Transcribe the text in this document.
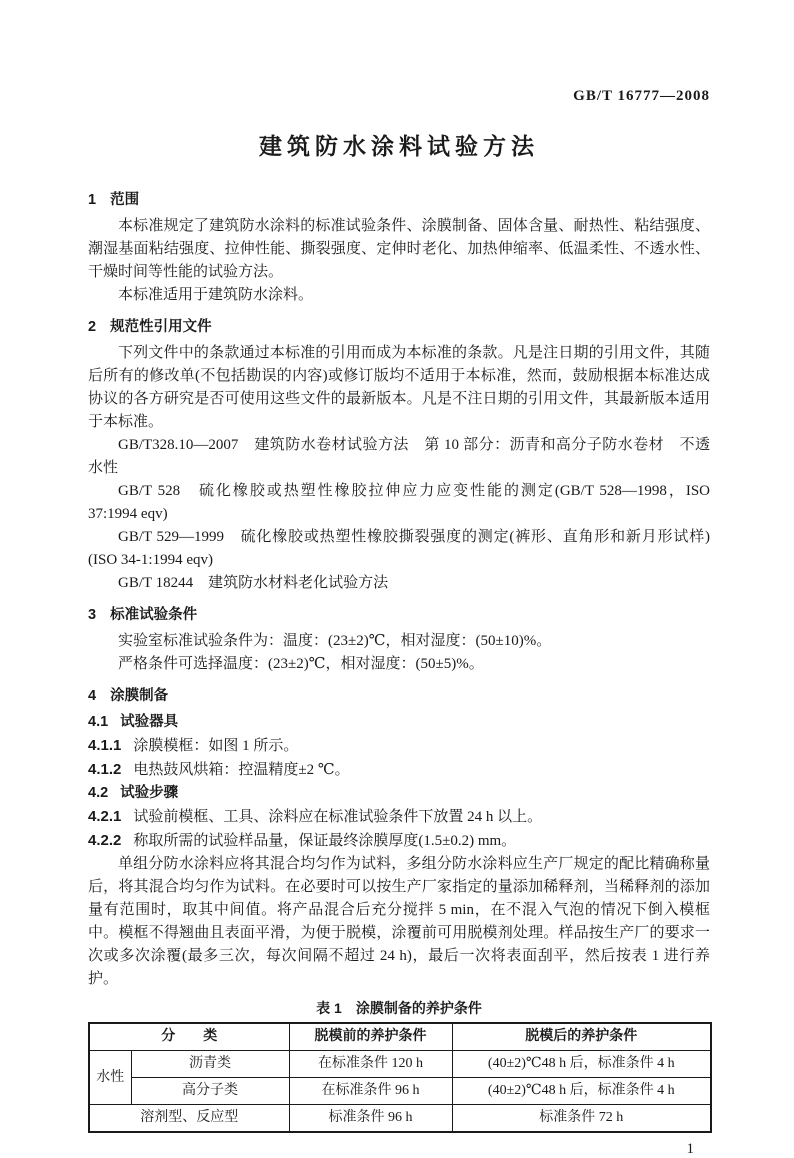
GB/T 16777—2008
建筑防水涂料试验方法
1 范围

本标准规定了建筑防水涂料的标准试验条件、涂膜制备、固体含量、耐热性、粘结强度、潮湿基面粘结强度、拉伸性能、撕裂强度、定伸时老化、加热伸缩率、低温柔性、不透水性、干燥时间等性能的试验方法。

本标准适用于建筑防水涂料。

2 规范性引用文件

下列文件中的条款通过本标准的引用而成为本标准的条款。凡是注日期的引用文件，其随后所有的修改单(不包括勘误的内容)或修订版均不适用于本标准，然而，鼓励根据本标准达成协议的各方研究是否可使用这些文件的最新版本。凡是不注日期的引用文件，其最新版本适用于本标准。

GB/T328.10—2007　建筑防水卷材试验方法　第 10 部分：沥青和高分子防水卷材　不透水性

GB/T 528　硫化橡胶或热塑性橡胶拉伸应力应变性能的测定(GB/T 528—1998，ISO 37:1994 eqv)

GB/T 529—1999　硫化橡胶或热塑性橡胶撕裂强度的测定(裤形、直角形和新月形试样)(ISO 34-1:1994 eqv)

GB/T 18244　建筑防水材料老化试验方法

3 标准试验条件

实验室标准试验条件为：温度：(23±2)℃，相对湿度：(50±10)%。

严格条件可选择温度：(23±2)℃，相对湿度：(50±5)%。

4 涂膜制备
4.1 试验器具

4.1.1 涂膜模框：如图 1 所示。

4.1.2 电热鼓风烘箱：控温精度±2 ℃。

4.2 试验步骤

4.2.1 试验前模框、工具、涂料应在标准试验条件下放置 24 h 以上。

4.2.2 称取所需的试验样品量，保证最终涂膜厚度(1.5±0.2) mm。

单组分防水涂料应将其混合均匀作为试料，多组分防水涂料应生产厂规定的配比精确称量后，将其混合均匀作为试料。在必要时可以按生产厂家指定的量添加稀释剂，当稀释剂的添加量有范围时，取其中间值。将产品混合后充分搅拌 5 min，在不混入气泡的情况下倒入模框中。模框不得翘曲且表面平滑，为便于脱模，涂覆前可用脱模剂处理。样品按生产厂的要求一次或多次涂覆(最多三次，每次间隔不超过 24 h)，最后一次将表面刮平，然后按表 1 进行养护。

表 1　涂膜制备的养护条件
分　　类		脱模前的养护条件	脱模后的养护条件
水性	沥青类	在标准条件 120 h	(40±2)℃48 h 后，标准条件 4 h
	高分子类	在标准条件 96 h	(40±2)℃48 h 后，标准条件 4 h
溶剂型、反应型		标准条件 96 h	标准条件 72 h
1
